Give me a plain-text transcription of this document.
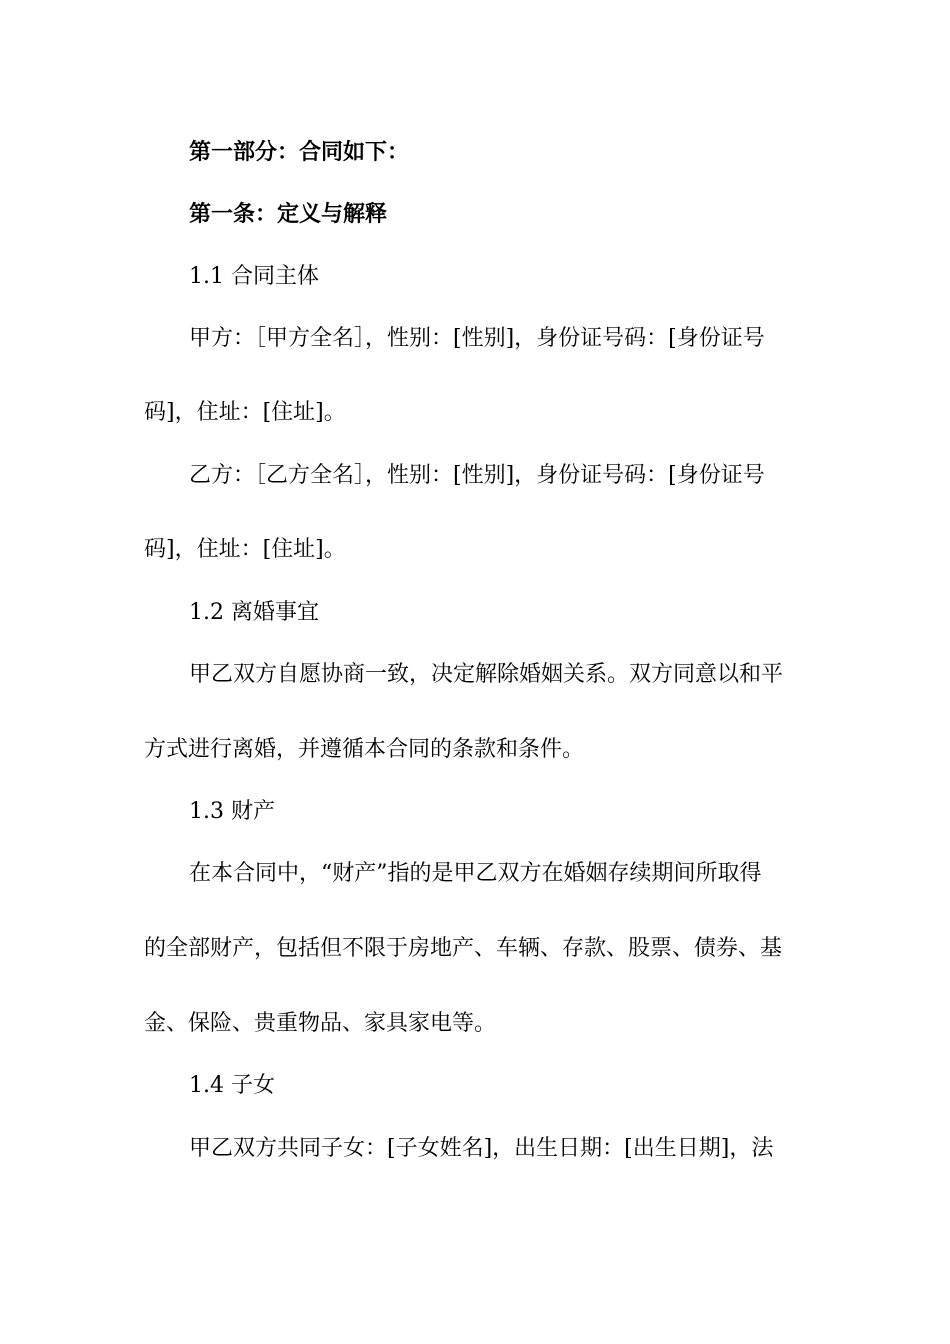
第一部分：合同如下：
第一条：定义与解释
1.1 合同主体
甲方：［甲方全名］，性别：[性别]，身份证号码：[身份证号
码]，住址：[住址]。
乙方：［乙方全名］，性别：[性别]，身份证号码：[身份证号
码]，住址：[住址]。
1.2 离婚事宜
甲乙双方自愿协商一致，决定解除婚姻关系。双方同意以和平
方式进行离婚，并遵循本合同的条款和条件。
1.3 财产
在本合同中，“财产”指的是甲乙双方在婚姻存续期间所取得
的全部财产，包括但不限于房地产、车辆、存款、股票、债券、基
金、保险、贵重物品、家具家电等。
1.4 子女
甲乙双方共同子女：[子女姓名]，出生日期：[出生日期]，法
